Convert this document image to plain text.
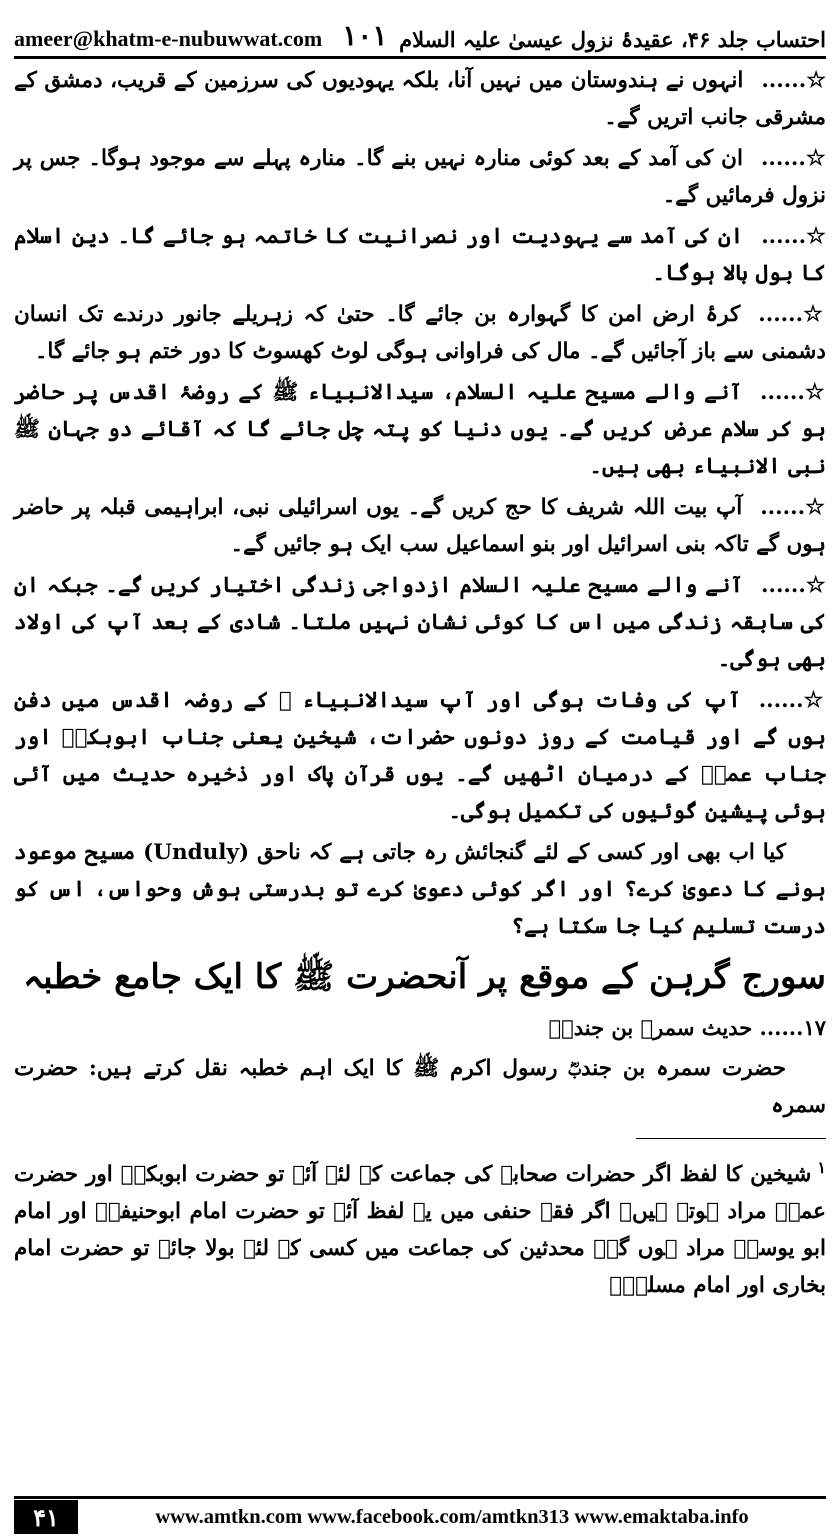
ameer@khatm-e-nubuwwat.com ۱۰۱ احتساب جلد ۴۶، عقیدۂ نزول عیسیٰ علیہ السلام

☆......انہوں نے ہندوستان میں نہیں آنا، بلکہ یہودیوں کی سرزمین کے قریب، دمشق کے مشرقی جانب اتریں گے۔

☆......ان کی آمد کے بعد کوئی منارہ نہیں بنے گا۔ منارہ پہلے سے موجود ہوگا۔ جس پر نزول فرمائیں گے۔

☆......ان کی آمد سے یہودیت اور نصرانیت کا خاتمہ ہو جائے گا۔ دین اسلام کا بول بالا ہوگا۔

☆......کرۂ ارض امن کا گہوارہ بن جائے گا۔ حتیٰ کہ زہریلے جانور درندے تک انسان دشمنی سے باز آجائیں گے۔ مال کی فراوانی ہوگی لوٹ کھسوٹ کا دور ختم ہو جائے گا۔

☆......آنے والے مسیح علیہ السلام، سیدالانبیاء ﷺ کے روضۂ اقدس پر حاضر ہو کر سلام عرض کریں گے۔ یوں دنیا کو پتہ چل جائے گا کہ آقائے دو جہان ﷺ نبی الانبیاء بھی ہیں۔

☆......آپ بیت اللہ شریف کا حج کریں گے۔ یوں اسرائیلی نبی، ابراہیمی قبلہ پر حاضر ہوں گے تاکہ بنی اسرائیل اور بنو اسماعیل سب ایک ہو جائیں گے۔

☆......آنے والے مسیح علیہ السلام ازدواجی زندگی اختیار کریں گے۔ جبکہ ان کی سابقہ زندگی میں اس کا کوئی نشان نہیں ملتا۔ شادی کے بعد آپ کی اولاد بھی ہوگی۔

☆......آپ کی وفات ہوگی اور آپ سیدالانبیاء ﷺ کے روضہ اقدس میں دفن ہوں گے اور قیامت کے روز دونوں حضرات، شیخین یعنی جناب ابوبکرؓ اور جناب عمرؓ کے درمیان اٹھیں گے۔ یوں قرآن پاک اور ذخیرہ حدیث میں آئی ہوئی پیشین گوئیوں کی تکمیل ہوگی۔

کیا اب بھی اور کسی کے لئے گنجائش رہ جاتی ہے کہ ناحق (Unduly) مسیح موعود ہونے کا دعویٰ کرے؟ اور اگر کوئی دعویٰ کرے تو بدرستی ہوش وحواس، اس کو درست تسلیم کیا جا سکتا ہے؟

سورج گرہن کے موقع پر آنحضرت ﷺ کا ایک جامع خطبہ

۱۷...... حدیث سمرہ بن جندبؓ

حضرت سمرہ بن جندبؓ رسول اکرم ﷺ کا ایک اہم خطبہ نقل کرتے ہیں: حضرت سمرہ

$^۱$شیخین کا لفظ اگر حضرات صحابہ کی جماعت کے لئے آئے تو حضرت ابوبکرؓ اور حضرت عمرؓ مراد ہوتے ہیں۔ اگر فقہ حنفی میں یہ لفظ آئے تو حضرت امام ابوحنیفہؒ اور امام ابو یوسفؒ مراد ہوں گے۔ محدثین کی جماعت میں کسی کے لئے بولا جائے تو حضرت امام بخاری اور امام مسلمؒ۔

۴۱	www.amtkn.com www.facebook.com/amtkn313 www.emaktaba.info
